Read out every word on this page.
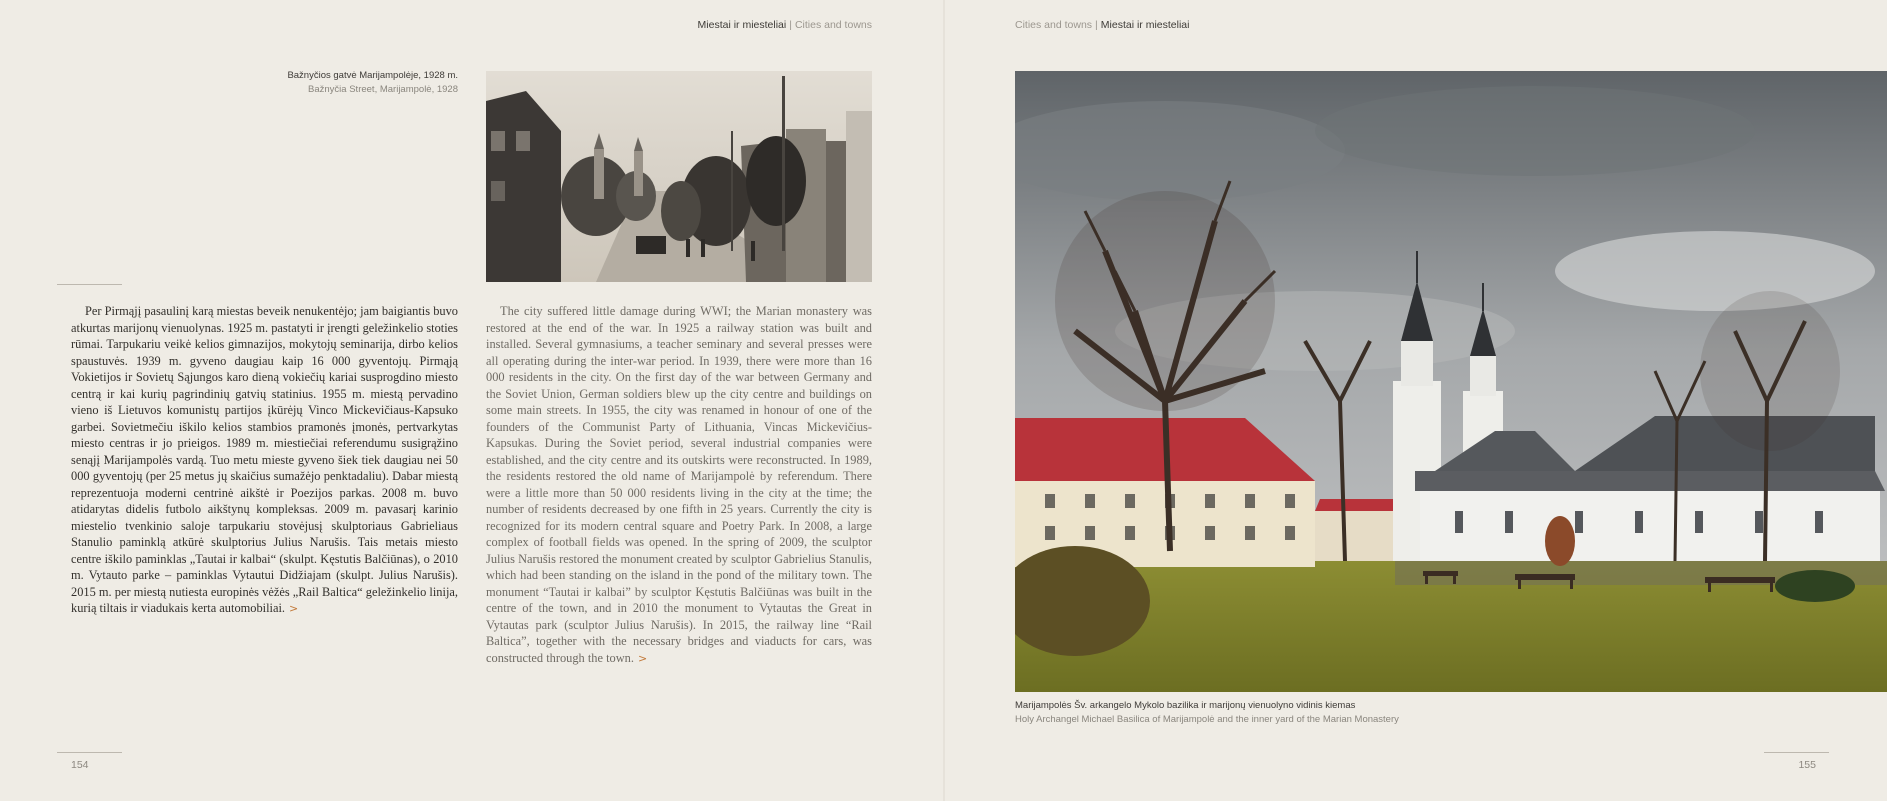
Miestai ir miesteliai | Cities and towns
Bažnyčios gatvė Marijampolėje, 1928 m.
Bažnyčia Street, Marijampolė, 1928

Per Pirmąjį pasaulinį karą miestas beveik nenukentėjo; jam baigiantis buvo atkurtas marijonų vienuolynas. 1925 m. pastatyti ir įrengti geležinkelio stoties rūmai. Tarpukariu veikė kelios gimnazijos, mokytojų seminarija, dirbo kelios spaustuvės. 1939 m. gyveno daugiau kaip 16 000 gyventojų. Pirmąją Vokietijos ir Sovietų Sąjungos karo dieną vokiečių kariai susprogdino miesto centrą ir kai kurių pagrindinių gatvių statinius. 1955 m. miestą pervadino vieno iš Lietuvos komunistų partijos įkūrėjų Vinco Mickevičiaus-Kapsuko garbei. Sovietmečiu iškilo kelios stambios pramonės įmonės, pertvarkytas miesto centras ir jo prieigos. 1989 m. miestiečiai referendumu susigrąžino senąjį Marijampolės vardą. Tuo metu mieste gyveno šiek tiek daugiau nei 50 000 gyventojų (per 25 metus jų skaičius sumažėjo penktadaliu). Dabar miestą reprezentuoja moderni centrinė aikštė ir Poezijos parkas. 2008 m. buvo atidarytas didelis futbolo aikštynų kompleksas. 2009 m. pavasarį karinio miestelio tvenkinio saloje tarpukariu stovėjusį skulptoriaus Gabrieliaus Stanulio paminklą atkūrė skulptorius Julius Narušis. Tais metais miesto centre iškilo paminklas „Tautai ir kalbai“ (skulpt. Kęstutis Balčiūnas), o 2010 m. Vytauto parke – paminklas Vytautui Didžiajam (skulpt. Julius Narušis). 2015 m. per miestą nutiesta europinės vėžės „Rail Baltica“ geležinkelio linija, kurią tiltais ir viadukais kerta automobiliai. >

The city suffered little damage during WWI; the Marian monastery was restored at the end of the war. In 1925 a railway station was built and installed. Several gymnasiums, a teacher seminary and several presses were all operating during the inter-war period. In 1939, there were more than 16 000 residents in the city. On the first day of the war between Germany and the Soviet Union, German soldiers blew up the city centre and buildings on some main streets. In 1955, the city was renamed in honour of one of the founders of the Communist Party of Lithuania, Vincas Mickevičius-Kapsukas. During the Soviet period, several industrial companies were established, and the city centre and its outskirts were reconstructed. In 1989, the residents restored the old name of Marijampolė by referendum. There were a little more than 50 000 residents living in the city at the time; the number of residents decreased by one fifth in 25 years. Currently the city is recognized for its modern central square and Poetry Park. In 2008, a large complex of football fields was opened. In the spring of 2009, the sculptor Julius Narušis restored the monument created by sculptor Gabrielius Stanulis, which had been standing on the island in the pond of the military town. The monument “Tautai ir kalbai” by sculptor Kęstutis Balčiūnas was built in the centre of the town, and in 2010 the monument to Vytautas the Great in Vytautas park (sculptor Julius Narušis). In 2015, the railway line “Rail Baltica”, together with the necessary bridges and viaducts for cars, was constructed through the town. >

154
Cities and towns | Miestai ir miesteliai
Marijampolės Šv. arkangelo Mykolo bazilika ir marijonų vienuolyno vidinis kiemas
Holy Archangel Michael Basilica of Marijampolė and the inner yard of the Marian Monastery
155
